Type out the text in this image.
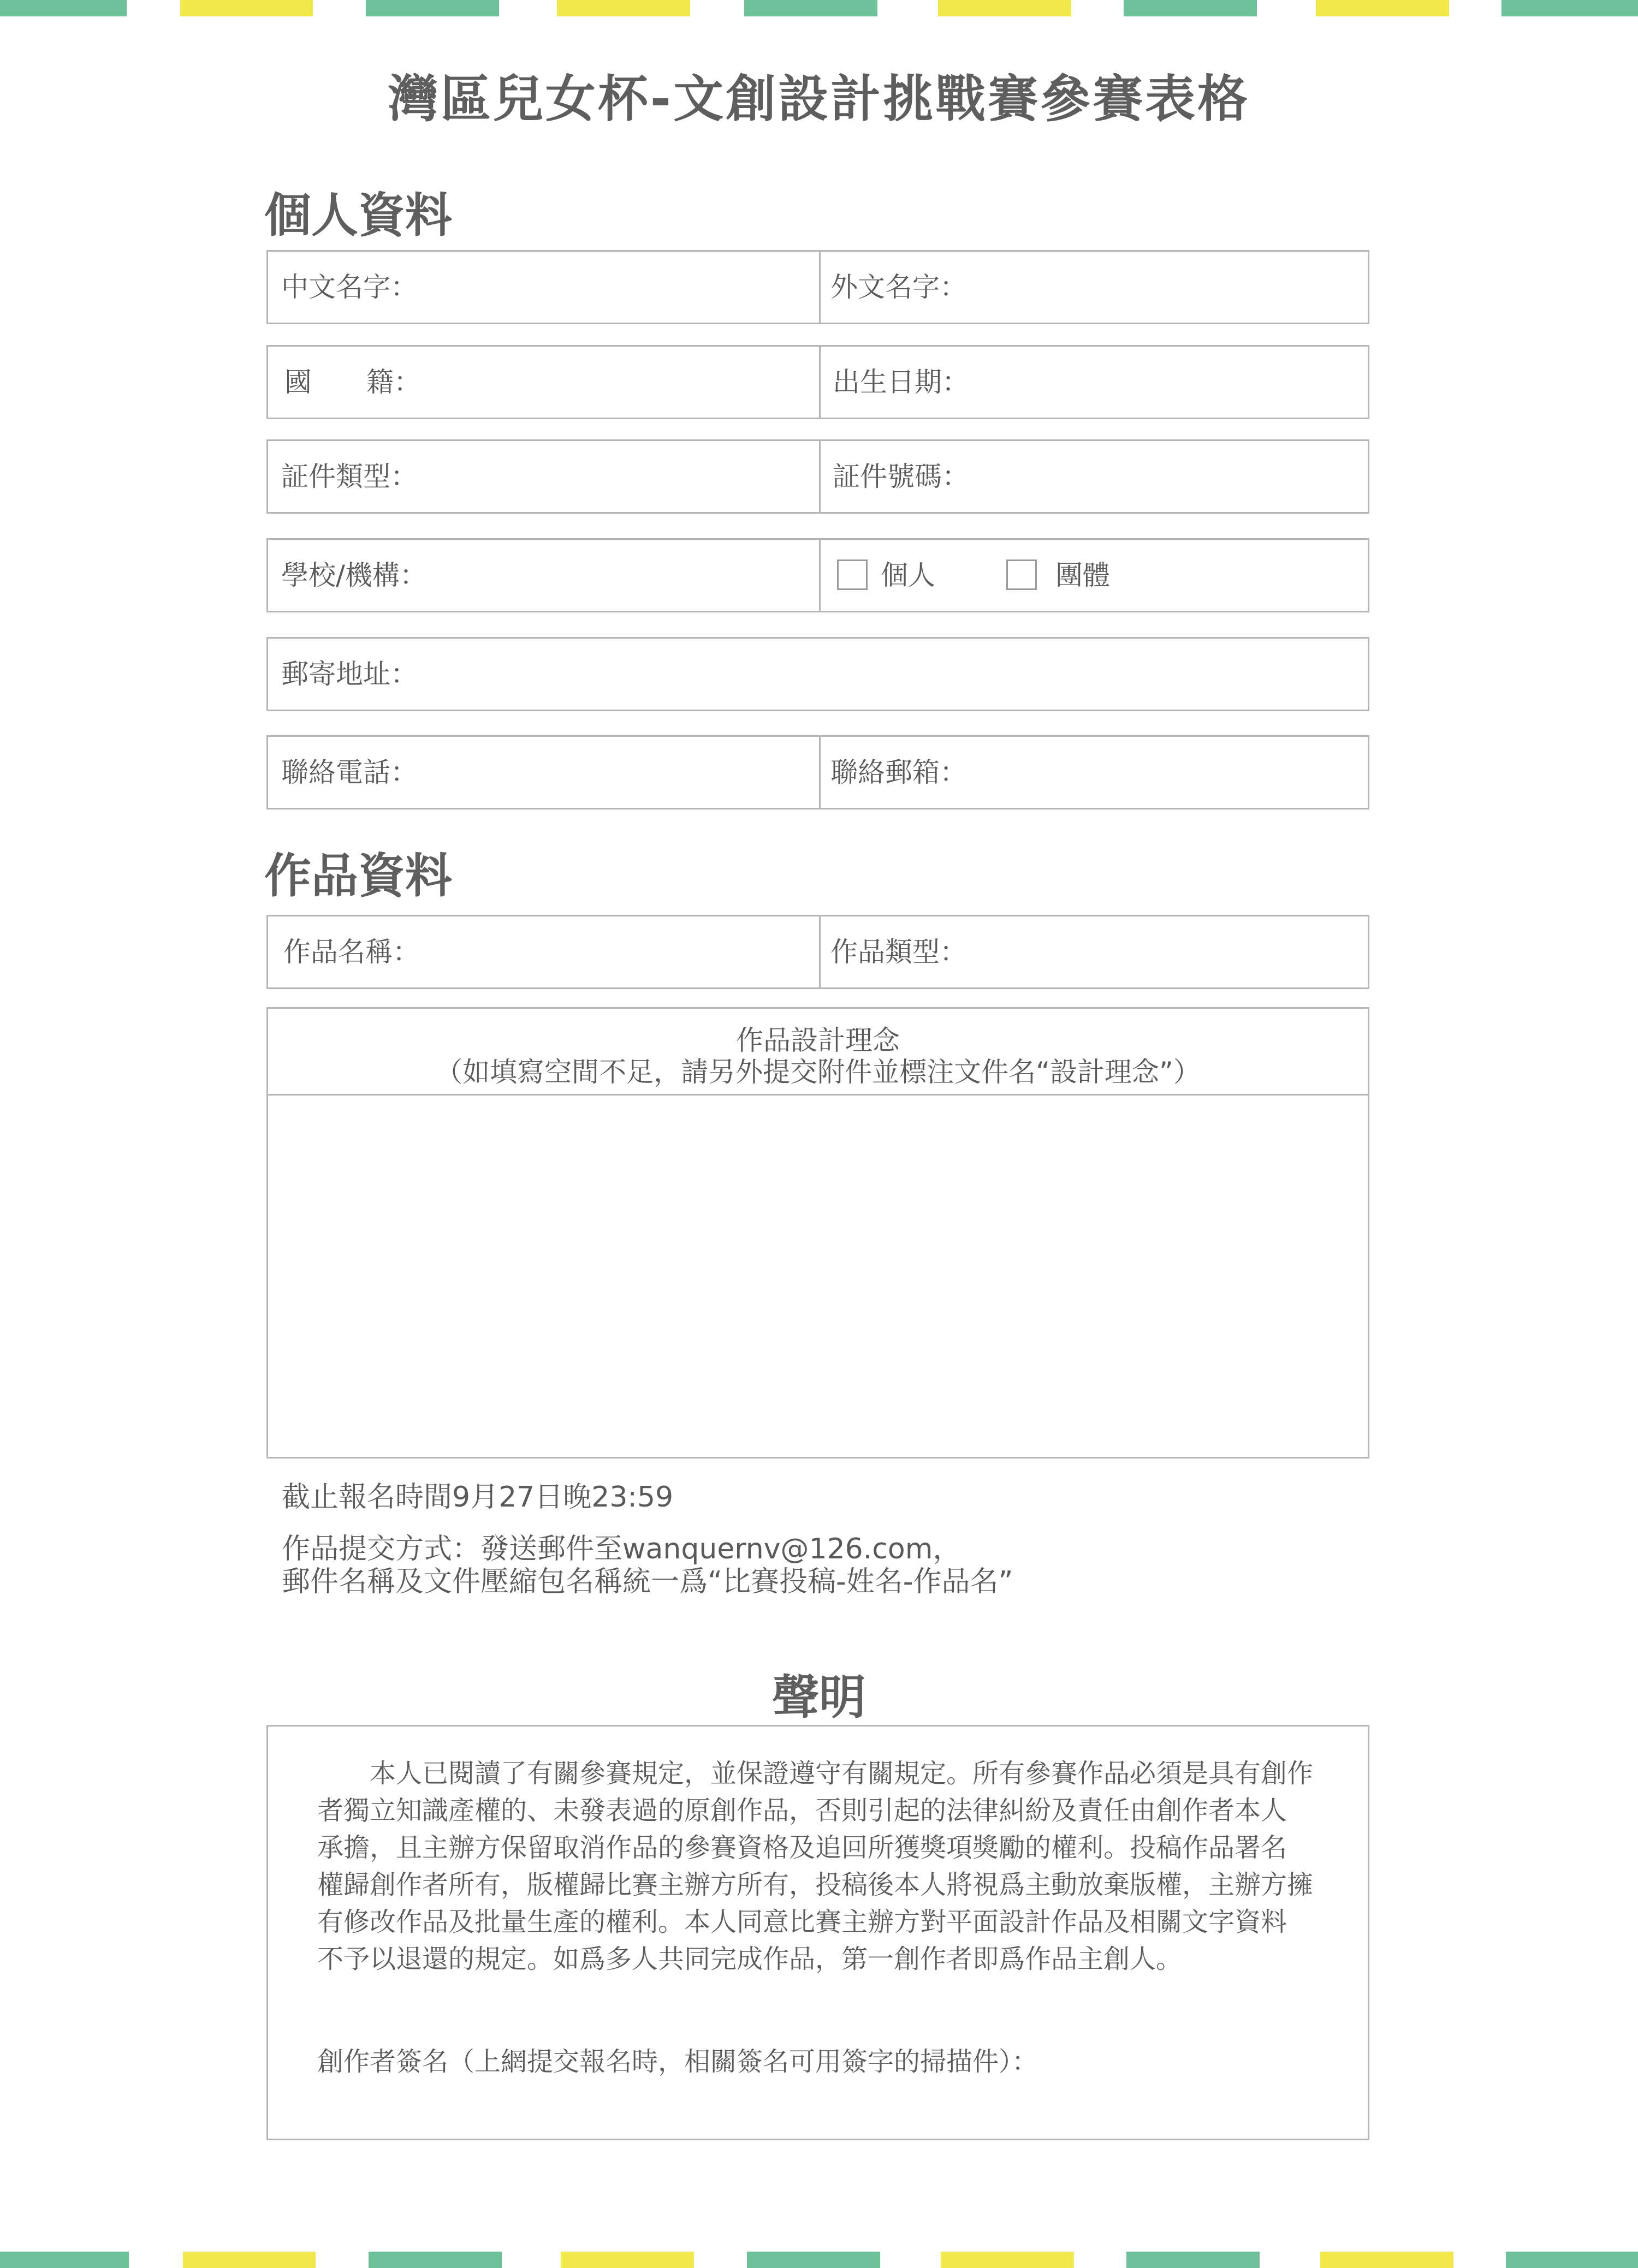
灣區兒女杯-文創設計挑戰賽參賽表格
個人資料
中文名字：	外文名字：
國　　籍：	出生日期：
証件類型：	証件號碼：
學校/機構：	個人	團體
郵寄地址：
聯絡電話：	聯絡郵箱：
作品資料
作品名稱：	作品類型：
作品設計理念
（如填寫空間不足，請另外提交附件並標注文件名“設計理念”）
截止報名時間9月27日晚23:59
作品提交方式：發送郵件至wanquernv@126.com，
郵件名稱及文件壓縮包名稱統一爲“比賽投稿-姓名-作品名”
聲明
　　本人已閱讀了有關參賽規定，並保證遵守有關規定。所有參賽作品必須是具有創作
者獨立知識產權的、未發表過的原創作品，否則引起的法律糾紛及責任由創作者本人
承擔，且主辦方保留取消作品的參賽資格及追回所獲獎項獎勵的權利。投稿作品署名
權歸創作者所有，版權歸比賽主辦方所有，投稿後本人將視爲主動放棄版權，主辦方擁
有修改作品及批量生產的權利。本人同意比賽主辦方對平面設計作品及相關文字資料
不予以退還的規定。如爲多人共同完成作品，第一創作者即爲作品主創人。
創作者簽名（上網提交報名時，相關簽名可用簽字的掃描件）：
